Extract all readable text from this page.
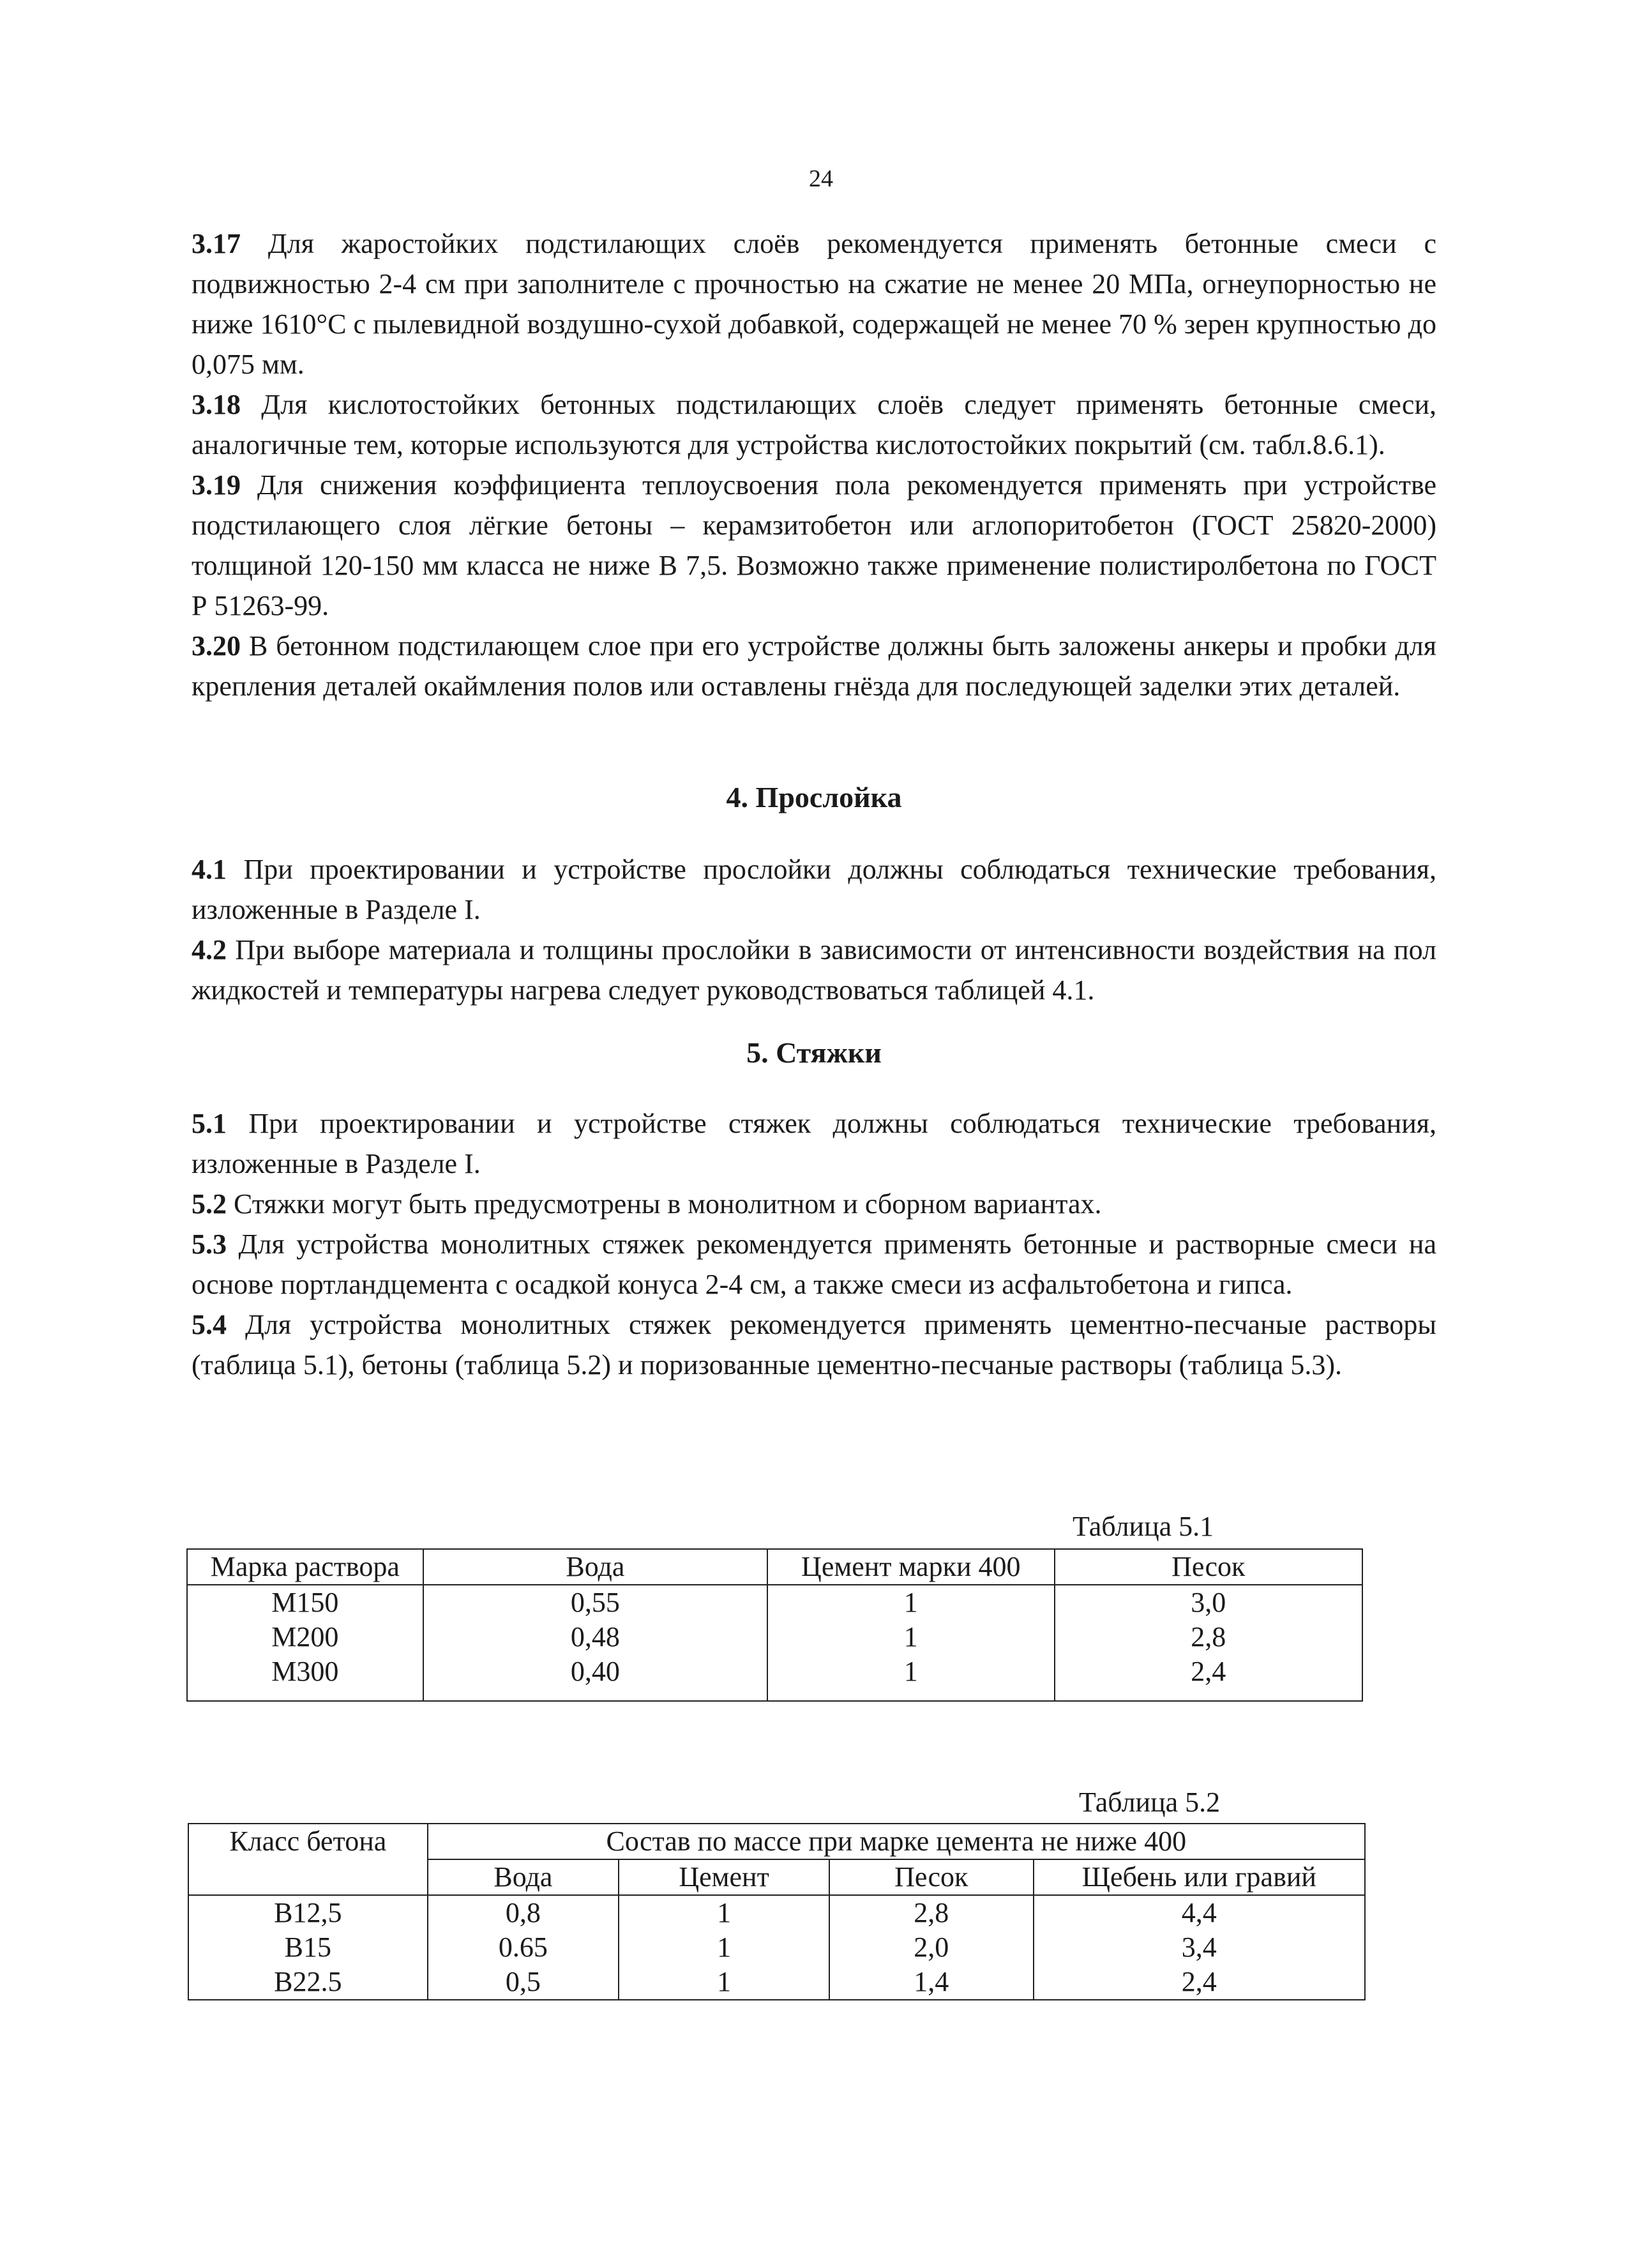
24

3.17 Для жаростойких подстилающих слоёв рекомендуется применять бетонные смеси с подвижностью 2-4 см при заполнителе с прочностью на сжатие не менее 20 МПа, огнеупорностью не ниже 1610°С с пылевидной воздушно-сухой добавкой, содержащей не менее 70 % зерен крупностью до 0,075 мм.

3.18 Для кислотостойких бетонных подстилающих слоёв следует применять бетонные смеси, аналогичные тем, которые используются для устройства кислотостойких покрытий (см. табл.8.6.1).

3.19 Для снижения коэффициента теплоусвоения пола рекомендуется применять при устройстве подстилающего слоя лёгкие бетоны – керамзитобетон или аглопоритобетон (ГОСТ 25820-2000) толщиной 120-150 мм класса не ниже В 7,5. Возможно также применение полистиролбетона по ГОСТ Р 51263-99.

3.20 В бетонном подстилающем слое при его устройстве должны быть заложены анкеры и пробки для крепления деталей окаймления полов или оставлены гнёзда для последующей заделки этих деталей.

4. Прослойка

4.1 При проектировании и устройстве прослойки должны соблюдаться технические требования, изложенные в Разделе I.

4.2 При выборе материала и толщины прослойки в зависимости от интенсивности воздействия на пол жидкостей и температуры нагрева следует руководствоваться таблицей 4.1.

5. Стяжки

5.1 При проектировании и устройстве стяжек должны соблюдаться технические требования, изложенные в Разделе I.

5.2 Стяжки могут быть предусмотрены в монолитном и сборном вариантах.

5.3 Для устройства монолитных стяжек рекомендуется применять бетонные и растворные смеси на основе портландцемента с осадкой конуса 2-4 см, а также смеси из асфальтобетона и гипса.

5.4 Для устройства монолитных стяжек рекомендуется применять цементно-песчаные растворы (таблица 5.1), бетоны (таблица 5.2) и поризованные цементно-песчаные растворы (таблица 5.3).

Таблица 5.1
Марка раствора	Вода	Цемент марки 400	Песок
М150	0,55	1	3,0
М200	0,48	1	2,8
М300	0,40	1	2,4
Таблица 5.2
Класс бетона	Состав по массе при марке цемента не ниже 400			
	Вода	Цемент	Песок	Щебень или гравий
В12,5	0,8	1	2,8	4,4
В15	0.65	1	2,0	3,4
В22.5	0,5	1	1,4	2,4
